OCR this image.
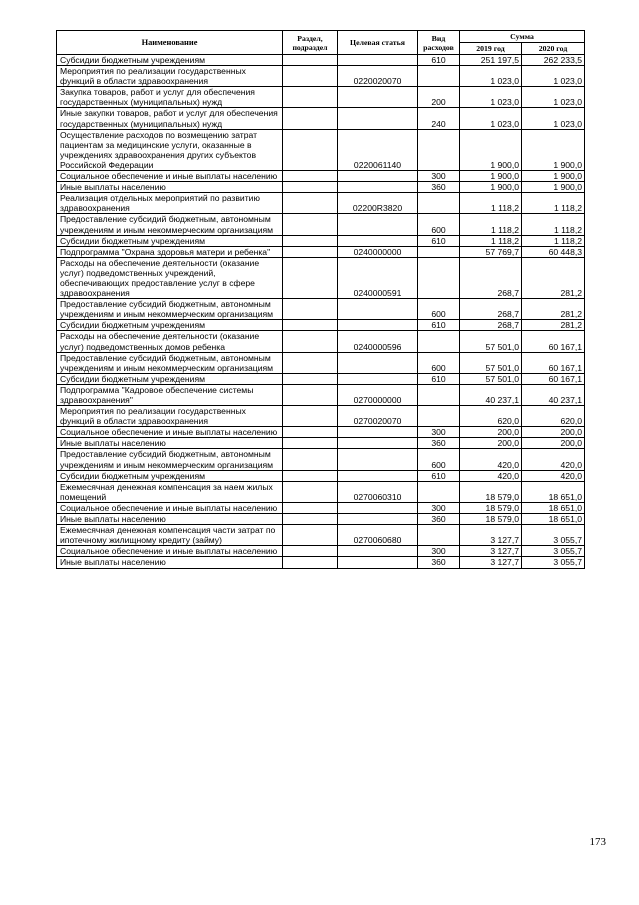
Наименование	Раздел, подраздел	Целевая статья	Вид расходов	Сумма	
				2019 год	2020 год
Субсидии бюджетным учреждениям			610	251 197,5	262 233,5
Мероприятия по реализации государственных функций в области здравоохранения		0220020070		1 023,0	1 023,0
Закупка товаров, работ и услуг для обеспечения государственных (муниципальных) нужд			200	1 023,0	1 023,0
Иные закупки товаров, работ и услуг для обеспечения государственных (муниципальных) нужд			240	1 023,0	1 023,0
Осуществление расходов по возмещению затрат пациентам за медицинские услуги, оказанные в учреждениях здравоохранения других субъектов Российской Федерации		0220061140		1 900,0	1 900,0
Социальное обеспечение и иные выплаты населению			300	1 900,0	1 900,0
Иные выплаты населению			360	1 900,0	1 900,0
Реализация отдельных мероприятий по развитию здравоохранения		02200R3820		1 118,2	1 118,2
Предоставление субсидий бюджетным, автономным учреждениям и иным некоммерческим организациям			600	1 118,2	1 118,2
Субсидии бюджетным учреждениям			610	1 118,2	1 118,2
Подпрограмма "Охрана здоровья матери и ребенка"		0240000000		57 769,7	60 448,3
Расходы на обеспечение деятельности (оказание услуг) подведомственных учреждений, обеспечивающих предоставление услуг в сфере здравоохранения		0240000591		268,7	281,2
Предоставление субсидий бюджетным, автономным учреждениям и иным некоммерческим организациям			600	268,7	281,2
Субсидии бюджетным учреждениям			610	268,7	281,2
Расходы на обеспечение деятельности (оказание услуг) подведомственных домов ребенка		0240000596		57 501,0	60 167,1
Предоставление субсидий бюджетным, автономным учреждениям и иным некоммерческим организациям			600	57 501,0	60 167,1
Субсидии бюджетным учреждениям			610	57 501,0	60 167,1
Подпрограмма "Кадровое обеспечение системы здравоохранения"		0270000000		40 237,1	40 237,1
Мероприятия по реализации государственных функций в области здравоохранения		0270020070		620,0	620,0
Социальное обеспечение и иные выплаты населению			300	200,0	200,0
Иные выплаты населению			360	200,0	200,0
Предоставление субсидий бюджетным, автономным учреждениям и иным некоммерческим организациям			600	420,0	420,0
Субсидии бюджетным учреждениям			610	420,0	420,0
Ежемесячная денежная компенсация за наем жилых помещений		0270060310		18 579,0	18 651,0
Социальное обеспечение и иные выплаты населению			300	18 579,0	18 651,0
Иные выплаты населению			360	18 579,0	18 651,0
Ежемесячная денежная компенсация части затрат по ипотечному жилищному кредиту (займу)		0270060680		3 127,7	3 055,7
Социальное обеспечение и иные выплаты населению			300	3 127,7	3 055,7
Иные выплаты населению			360	3 127,7	3 055,7
173
